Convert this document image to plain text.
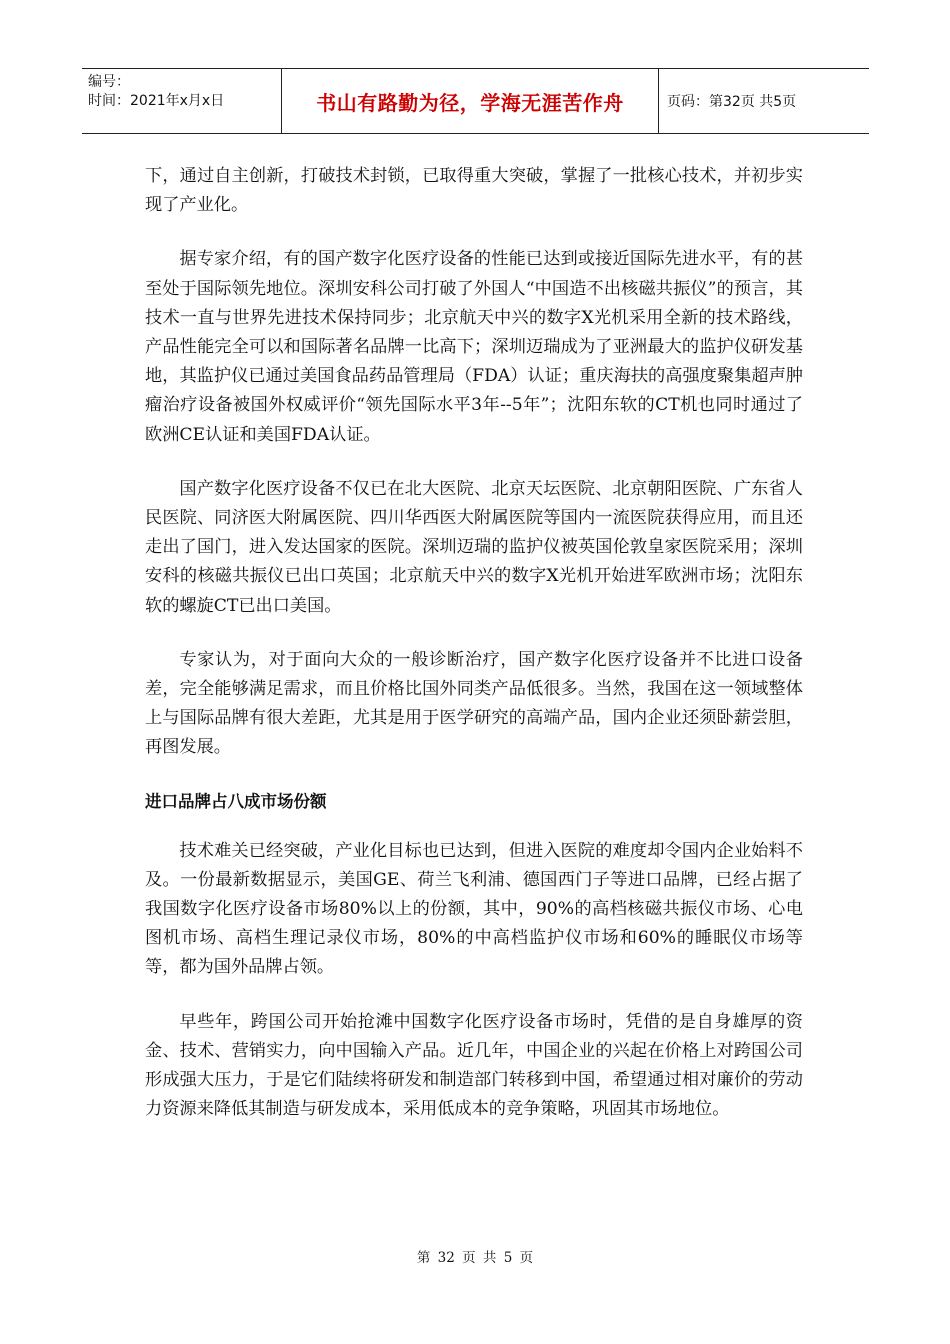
编号：
时间：2021年x月x日	书山有路勤为径，学海无涯苦作舟	页码：第32页 共5页

下，通过自主创新，打破技术封锁，已取得重大突破，掌握了一批核心技术，并初步实现了产业化。

据专家介绍，有的国产数字化医疗设备的性能已达到或接近国际先进水平，有的甚至处于国际领先地位。深圳安科公司打破了外国人“中国造不出核磁共振仪”的预言，其技术一直与世界先进技术保持同步；北京航天中兴的数字X光机采用全新的技术路线，产品性能完全可以和国际著名品牌一比高下；深圳迈瑞成为了亚洲最大的监护仪研发基地，其监护仪已通过美国食品药品管理局（FDA）认证；重庆海扶的高强度聚集超声肿瘤治疗设备被国外权威评价“领先国际水平3年--5年”；沈阳东软的CT机也同时通过了欧洲CE认证和美国FDA认证。

国产数字化医疗设备不仅已在北大医院、北京天坛医院、北京朝阳医院、广东省人民医院、同济医大附属医院、四川华西医大附属医院等国内一流医院获得应用，而且还走出了国门，进入发达国家的医院。深圳迈瑞的监护仪被英国伦敦皇家医院采用；深圳安科的核磁共振仪已出口英国；北京航天中兴的数字X光机开始进军欧洲市场；沈阳东软的螺旋CT已出口美国。

专家认为，对于面向大众的一般诊断治疗，国产数字化医疗设备并不比进口设备差，完全能够满足需求，而且价格比国外同类产品低很多。当然，我国在这一领域整体上与国际品牌有很大差距，尤其是用于医学研究的高端产品，国内企业还须卧薪尝胆，再图发展。

进口品牌占八成市场份额

技术难关已经突破，产业化目标也已达到，但进入医院的难度却令国内企业始料不及。一份最新数据显示，美国GE、荷兰飞利浦、德国西门子等进口品牌，已经占据了我国数字化医疗设备市场80%以上的份额，其中，90%的高档核磁共振仪市场、心电图机市场、高档生理记录仪市场，80%的中高档监护仪市场和60%的睡眠仪市场等等，都为国外品牌占领。

早些年，跨国公司开始抢滩中国数字化医疗设备市场时，凭借的是自身雄厚的资金、技术、营销实力，向中国输入产品。近几年，中国企业的兴起在价格上对跨国公司形成强大压力，于是它们陆续将研发和制造部门转移到中国，希望通过相对廉价的劳动力资源来降低其制造与研发成本，采用低成本的竞争策略，巩固其市场地位。

第 32 页 共 5 页
